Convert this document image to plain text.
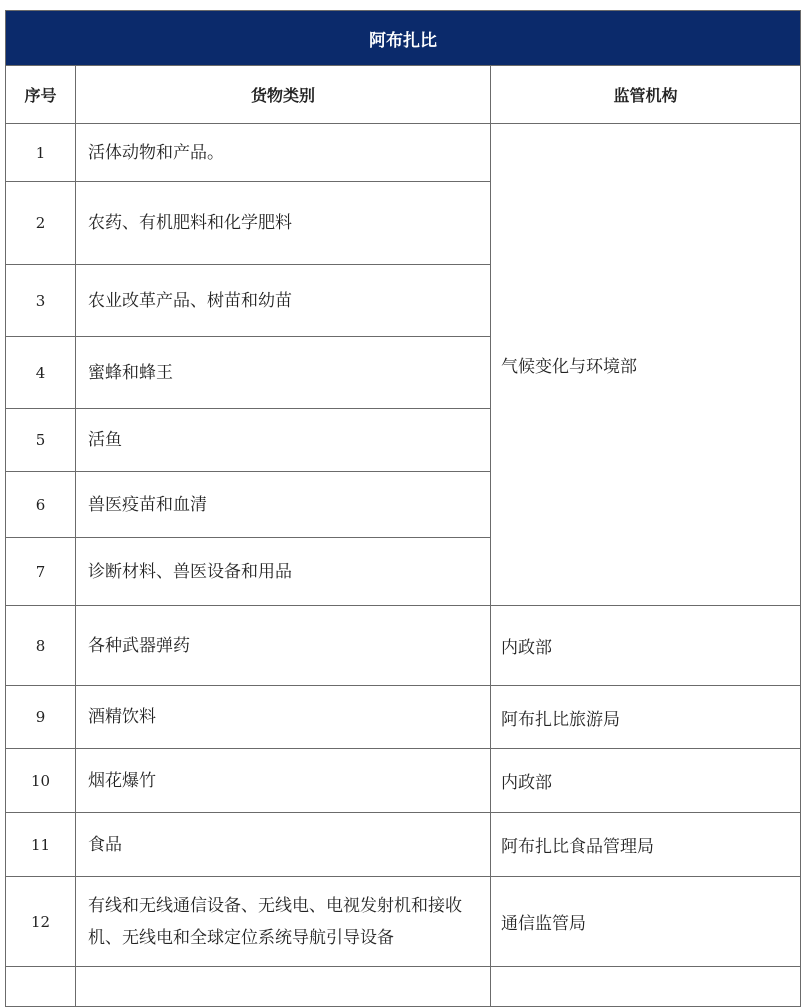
阿布扎比		
序号	货物类别	监管机构
1	活体动物和产品。	气候变化与环境部
2	农药、有机肥料和化学肥料	
3	农业改革产品、树苗和幼苗	
4	蜜蜂和蜂王	
5	活鱼	
6	兽医疫苗和血清	
7	诊断材料、兽医设备和用品	
8	各种武器弹药	内政部
9	酒精饮料	阿布扎比旅游局
10	烟花爆竹	内政部
11	食品	阿布扎比食品管理局
12	有线和无线通信设备、无线电、电视发射机和接收机、无线电和全球定位系统导航引导设备	通信监管局
